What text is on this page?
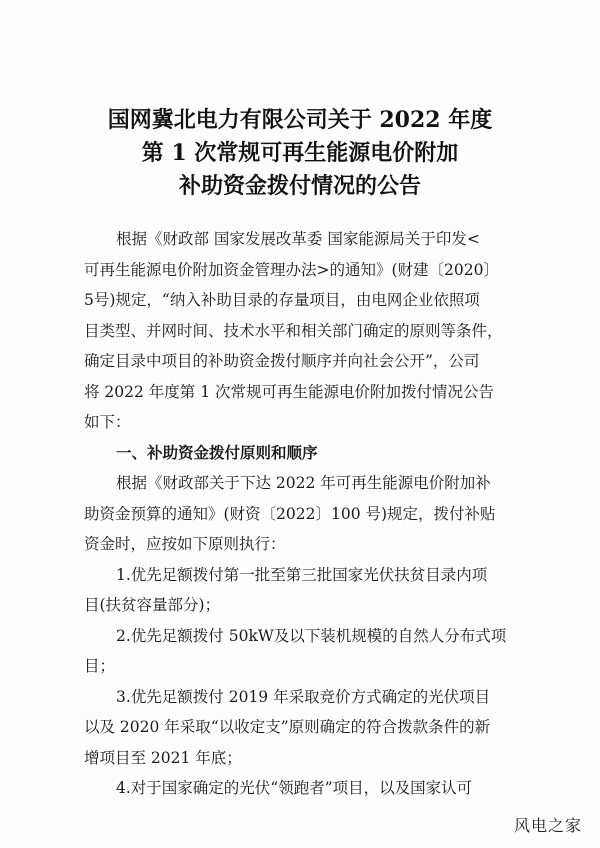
国网冀北电力有限公司关于 2022 年度
第 1 次常规可再生能源电价附加
补助资金拨付情况的公告
根据《财政部 国家发展改革委 国家能源局关于印发<
可再生能源电价附加资金管理办法>的通知》(财建〔2020〕
5号)规定，“纳入补助目录的存量项目，由电网企业依照项
目类型、并网时间、技术水平和相关部门确定的原则等条件，
确定目录中项目的补助资金拨付顺序并向社会公开”，公司
将 2022 年度第 1 次常规可再生能源电价附加拨付情况公告
如下：
一、补助资金拨付原则和顺序
根据《财政部关于下达 2022 年可再生能源电价附加补
助资金预算的通知》(财资〔2022〕100 号)规定，拨付补贴
资金时，应按如下原则执行：
1.优先足额拨付第一批至第三批国家光伏扶贫目录内项
目(扶贫容量部分)；
2.优先足额拨付 50kW及以下装机规模的自然人分布式项
目；
3.优先足额拨付 2019 年采取竞价方式确定的光伏项目
以及 2020 年采取“以收定支”原则确定的符合拨款条件的新
增项目至 2021 年底；
4.对于国家确定的光伏“领跑者”项目，以及国家认可
风电之家
